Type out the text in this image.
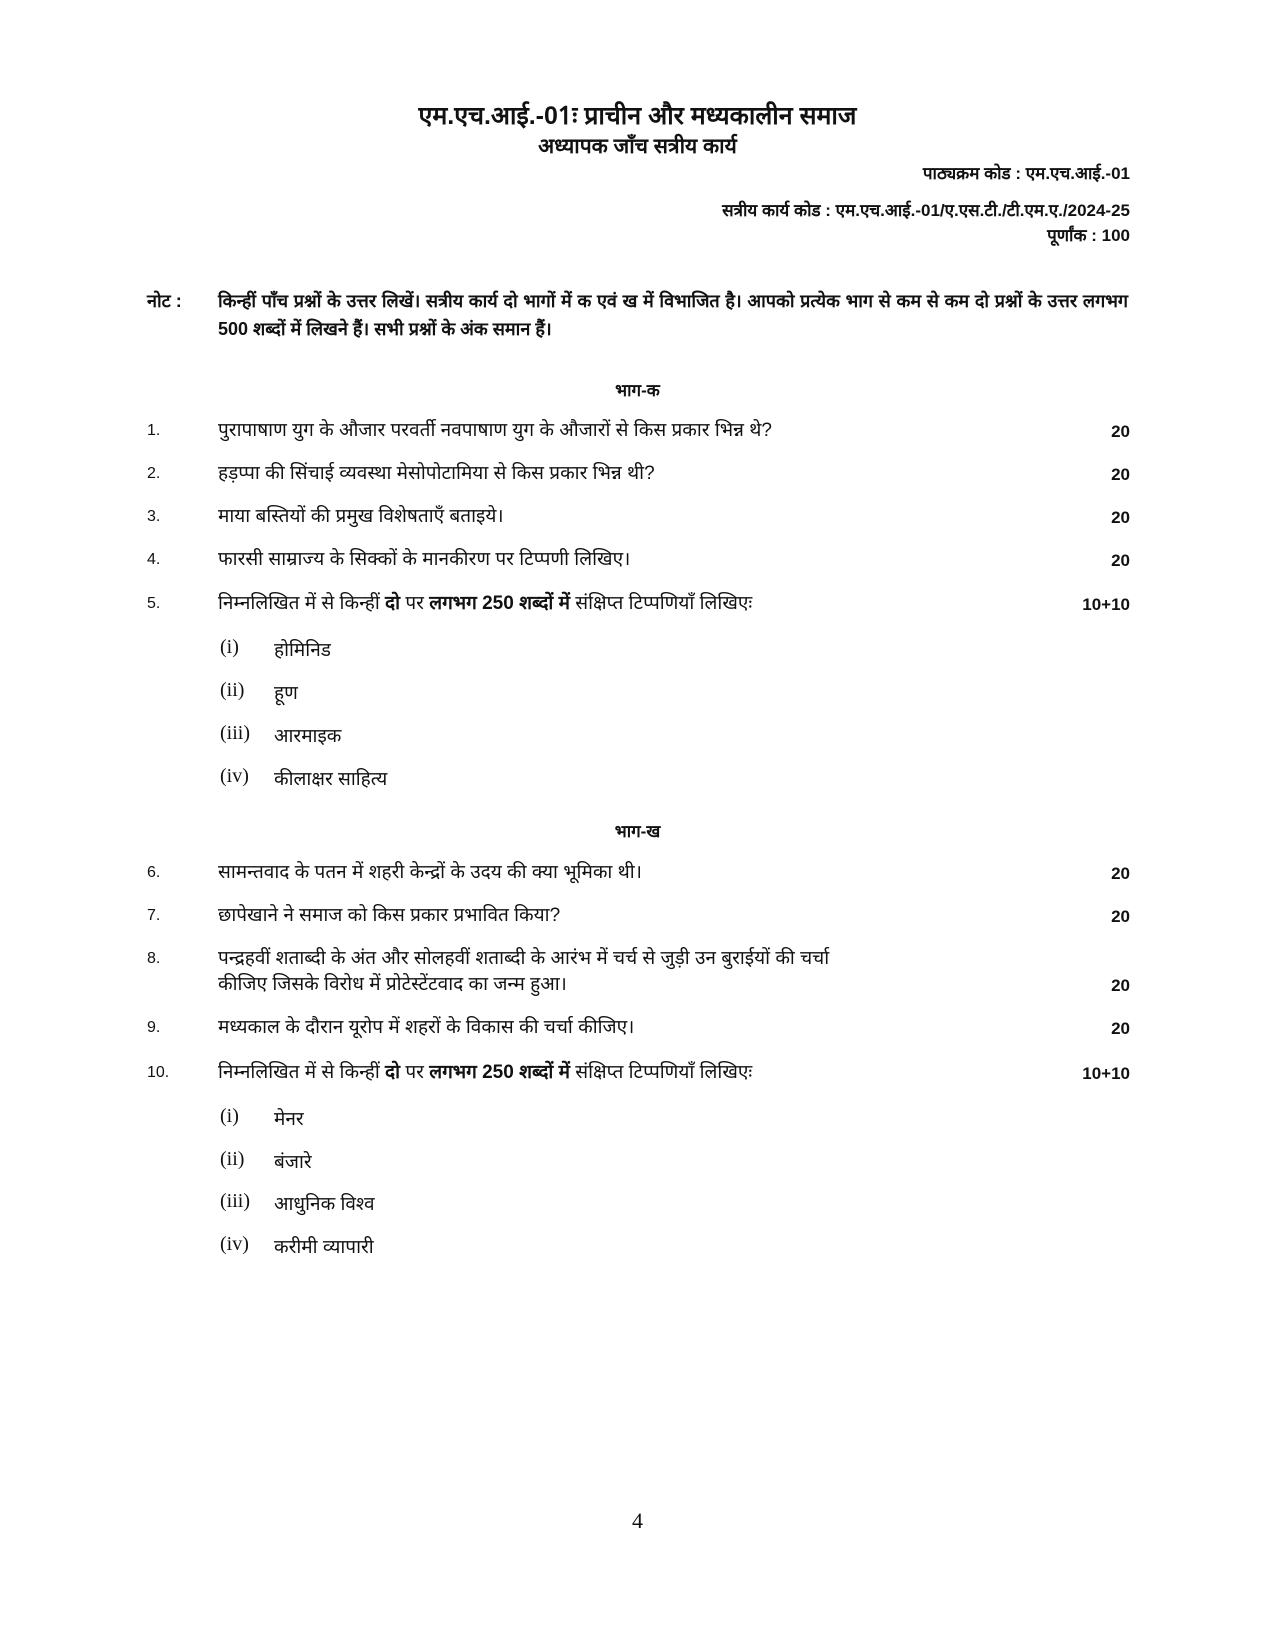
एम.एच.आई.-01ः प्राचीन और मध्यकालीन समाज
अध्यापक जाँच सत्रीय कार्य
पाठ्यक्रम कोड : एम.एच.आई.-01
सत्रीय कार्य कोड : एम.एच.आई.-01/ए.एस.टी./टी.एम.ए./2024-25
पूर्णांक : 100
नोट : किन्हीं पाँच प्रश्नों के उत्तर लिखें। सत्रीय कार्य दो भागों में क एवं ख में विभाजित है। आपको प्रत्येक भाग से कम से कम दो प्रश्नों के उत्तर लगभग 500 शब्दों में लिखने हैं। सभी प्रश्नों के अंक समान हैं।
भाग-क
1.	पुरापाषाण युग के औजार परवर्ती नवपाषाण युग के औजारों से किस प्रकार भिन्न थे?	20
2.	हड़प्पा की सिंचाई व्यवस्था मेसोपोटामिया से किस प्रकार भिन्न थी?	20
3.	माया बस्तियों की प्रमुख विशेषताएँ बताइये।	20
4.	फारसी साम्राज्य के सिक्कों के मानकीरण पर टिप्पणी लिखिए।	20
5.	निम्नलिखित में से किन्हीं दो पर लगभग 250 शब्दों में संक्षिप्त टिप्पणियाँ लिखिएः	10+10
(i) होमिनिड
(ii) हूण
(iii) आरमाइक
(iv) कीलाक्षर साहित्य
भाग-ख
6.	सामन्तवाद के पतन में शहरी केन्द्रों के उदय की क्या भूमिका थी।	20
7.	छापेखाने ने समाज को किस प्रकार प्रभावित किया?	20
8.	पन्द्रहवीं शताब्दी के अंत और सोलहवीं शताब्दी के आरंभ में चर्च से जुड़ी उन बुराईयों की चर्चा
कीजिए जिसके विरोध में प्रोटेस्टेंटवाद का जन्म हुआ।	20
9.	मध्यकाल के दौरान यूरोप में शहरों के विकास की चर्चा कीजिए।	20
10.	निम्नलिखित में से किन्हीं दो पर लगभग 250 शब्दों में संक्षिप्त टिप्पणियाँ लिखिएः	10+10
(i) मेनर
(ii) बंजारे
(iii) आधुनिक विश्व
(iv) करीमी व्यापारी
4
